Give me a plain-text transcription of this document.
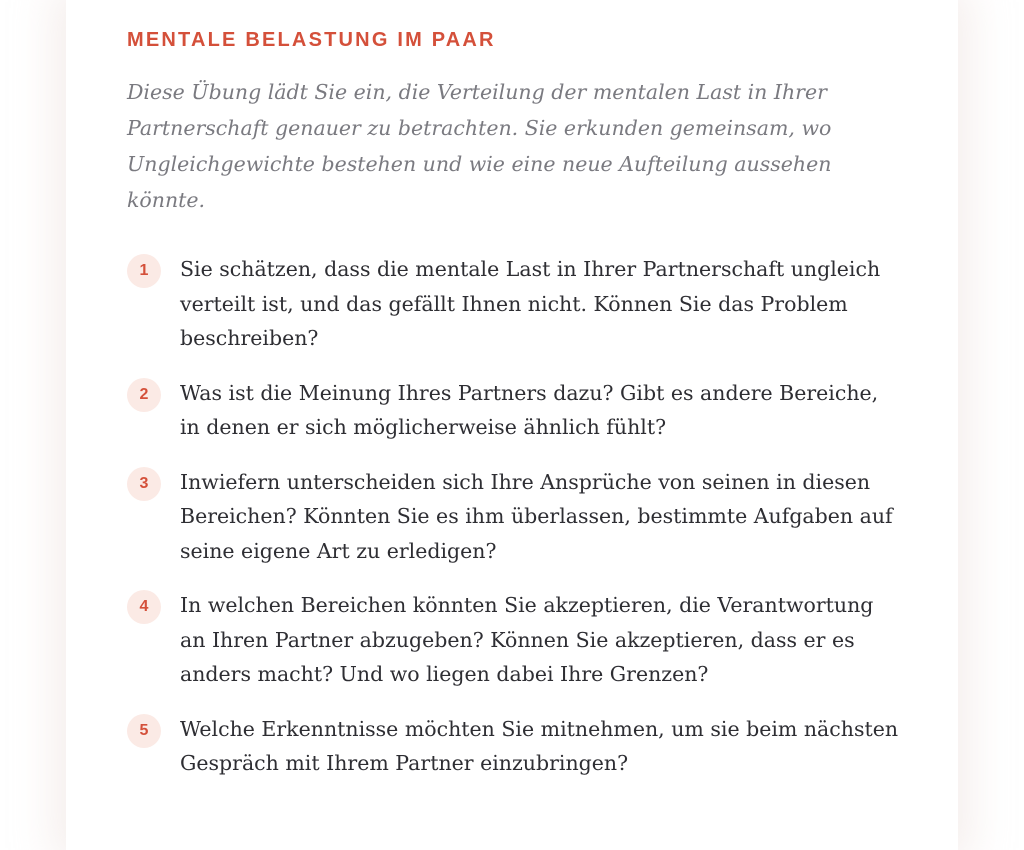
MENTALE BELASTUNG IM PAAR

Diese Übung lädt Sie ein, die Verteilung der mentalen Last in Ihrer Partnerschaft genauer zu betrachten. Sie erkunden gemeinsam, wo Ungleichgewichte bestehen und wie eine neue Aufteilung aussehen könnte.

1	Sie schätzen, dass die mentale Last in Ihrer Partnerschaft ungleich verteilt ist, und das gefällt Ihnen nicht. Können Sie das Problem beschreiben?

2	Was ist die Meinung Ihres Partners dazu? Gibt es andere Bereiche, in denen er sich möglicherweise ähnlich fühlt?

3	Inwiefern unterscheiden sich Ihre Ansprüche von seinen in diesen Bereichen? Könnten Sie es ihm überlassen, bestimmte Aufgaben auf seine eigene Art zu erledigen?

4	In welchen Bereichen könnten Sie akzeptieren, die Verantwortung an Ihren Partner abzugeben? Können Sie akzeptieren, dass er es anders macht? Und wo liegen dabei Ihre Grenzen?

5	Welche Erkenntnisse möchten Sie mitnehmen, um sie beim nächsten Gespräch mit Ihrem Partner einzubringen?
